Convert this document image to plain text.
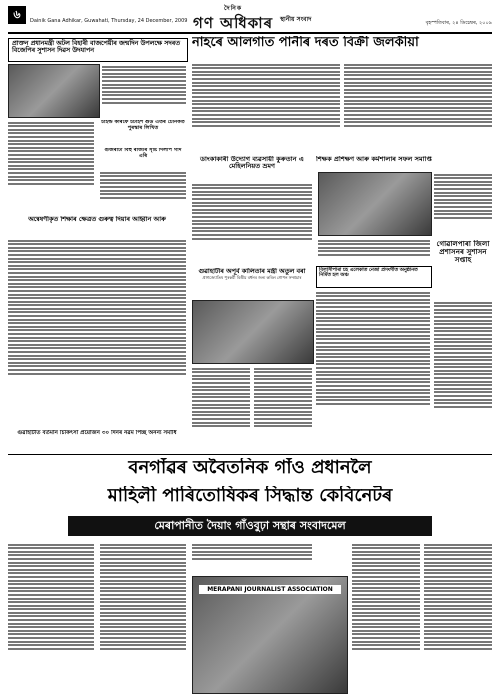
৬	Dainik Gana Adhikar, Guwahati, Thursday, 24 December, 2009
দৈনিক
গণ অধিকাৰ স্থানীয় সংবাদ	বৃহস্পতিবাৰ, ২৪ ডিচেম্বৰ, ২০০৯
প্ৰাক্তন প্ৰধানমন্ত্ৰী অটল বিহাৰী বাজপেয়ীৰ জন্মদিন উপলক্ষে সদৰত বিজেপিৰ সুশাসন দিৱস উদযাপন
চাইল্ড কাৰফে চৰ্টাইশ গুড এতৰ চৈনিকত পুৰস্কাৰ লিখিত
গুজৰাটী বিহু ৰাজ্যৰ সৃষ্টি দিলীপ গাদ এৰি
নাহৰে আলগাত পানীৰ দৰত বিক্ৰী জলকীয়া
ডাংকাকাৰী উদ্যোগ ব্যৱসায়ী কুৰুতান এ মেহিলনিয়ত ভ্ৰমণ
শিক্ষক প্ৰশিক্ষণ আৰু কৰ্মশালাৰ সফল সমাপ্তি
গোৱালপাৰা জিলা প্ৰশাসনৰ সুশাসন সপ্তাহ
বিলাসীপাৰা চহ এলেকাত নেজা প্ৰসংগীত অনুষ্ঠানত নিৰ্মিত হল অঞ্চ
অন্বেষণীকৃত শিক্ষাৰ ক্ষেত্ৰত গুৰুত্ব দিয়াৰ আহ্বান আৰু
গুৱাহাটীৰ অপূৰ্ব কালিতাৰ মন্ত্ৰী অতুল বৰা
প্ৰাগজ্যোতিষ পুৰকৰ্মী বিত্তীয় বৰ্ধনৰ জন্য কৰিল গোপন সম্প্ৰচাৰ
গুৱাহাটীত বৰ্তমান চিকিৎসা প্ৰয়োজন ৩০ দিনৰ নৱম পিচ্ছ অনন্য সমাধি
বনগাঁৱৰ অবৈতনিক গাঁও প্ৰধানলৈ
মাহিলী পাৰিতোষিকৰ সিদ্ধান্ত কেবিনেটৰ
মেৰাপানীত দৈয়াং গাঁওবুঢ়া সন্থাৰ সংবাদমেল
MERAPANI JOURNALIST ASSOCIATION
